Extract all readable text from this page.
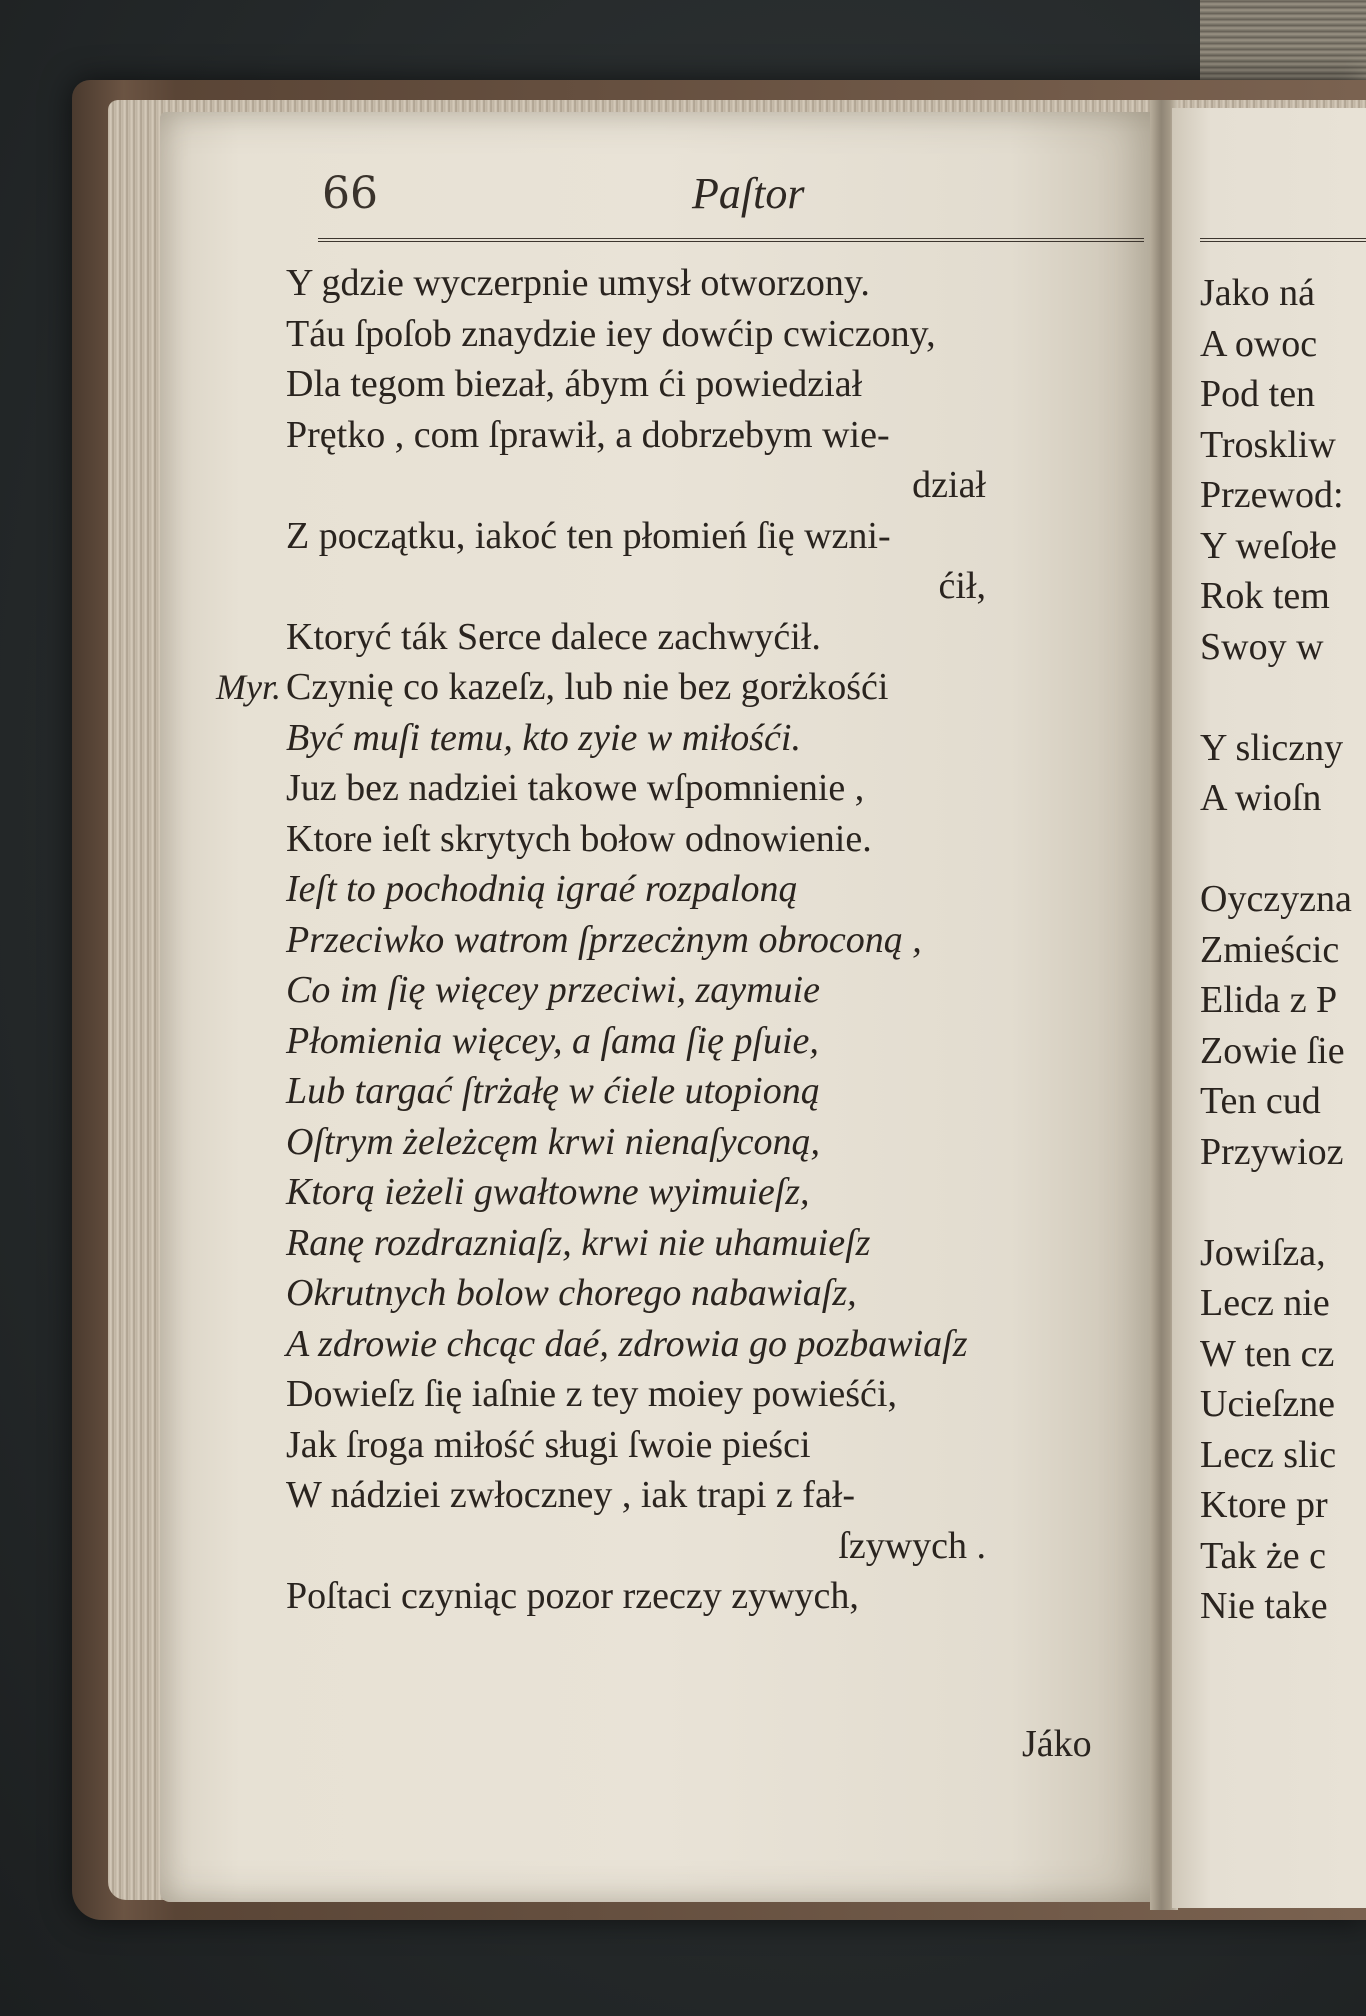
66	Paſtor
Y gdzie wyczerpnie umysł otworzony.
Táu ſpoſob znaydzie iey dowćip cwiczony,
Dla tegom biezał, ábym ći powiedział
Prętko , com ſprawił, a dobrzebym wie-
dział
Z początku, iakoć ten płomień ſię wzni-
ćił,
Ktoryć ták Serce dalece zachwyćił.
Myr. Czynię co kazeſz, lub nie bez gorżkośći
Być muſi temu, kto zyie w miłośći.
Juz bez nadziei takowe wſpomnienie ,
Ktore ieſt skrytych bołow odnowienie.
Ieſt to pochodnią igraé rozpaloną
Przeciwko watrom ſprzecżnym obroconą ,
Co im ſię więcey przeciwi, zaymuie
Płomienia więcey, a ſama ſię pſuie,
Lub targać ſtrżałę w ćiele utopioną
Oſtrym żeleżcęm krwi nienaſyconą,
Ktorą ieżeli gwałtowne wyimuieſz,
Ranę rozdrazniaſz, krwi nie uhamuieſz
Okrutnych bolow chorego nabawiaſz,
A zdrowie chcąc daé, zdrowia go pozbawiaſz
Dowieſz ſię iaſnie z tey moiey powieśći,
Jak ſroga miłość sługi ſwoie pieści
W nádziei zwłoczney , iak trapi z fał-
ſzywych .
Poſtaci czyniąc pozor rzeczy zywych,
Jáko
Jako ná
A owoc
Pod ten
Troskliw
Przewod:
Y weſołe
Rok tem
Swoy w
Y sliczny
A wioſn
Oyczyzna
Zmieścic
Elida z P
Zowie ſie
Ten cud
Przywioz
Jowiſza,
Lecz nie
W ten cz
Ucieſzne
Lecz slic
Ktore pr
Tak że c
Nie take
